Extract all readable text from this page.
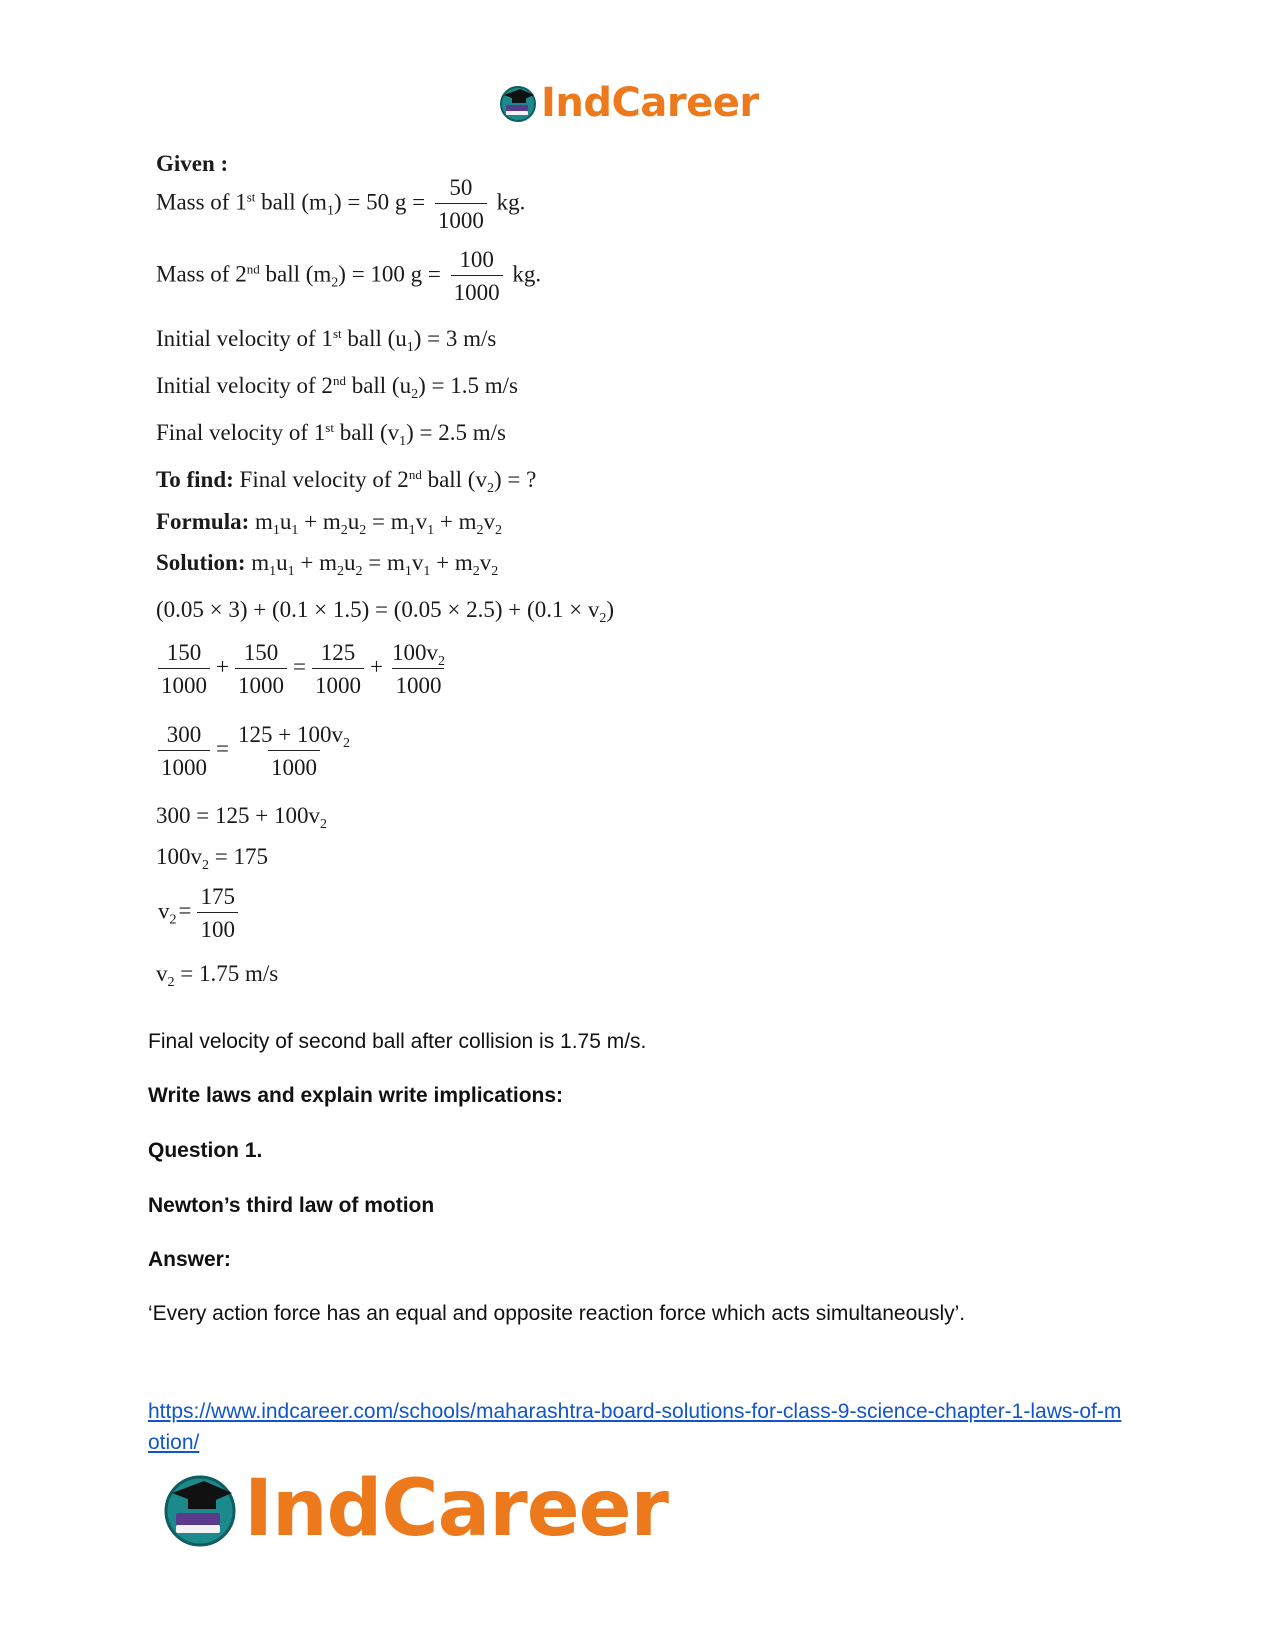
IndCareer
Given :
Mass of 1st ball $(m_1) = 50$ $g = \frac{50}{1000}$ kg.
Mass of 2nd ball $(m_2) = 100$ $g = \frac{100}{1000}$ kg.
Initial velocity of 1st ball $(u_1) = 3$ m/s
Initial velocity of 2nd ball $(u_2) = 1.5$ m/s
Final velocity of 1st ball $(v_1) = 2.5$ m/s
To find: Final velocity of 2nd ball $(v_2)$ = ?
Formula: $m_1u_1 + m_2u_2 = m_1v_1 + m_2v_2$
Solution: $m_1u_1 + m_2u_2 = m_1v_1 + m_2v_2$
$(0.05 \times 3) + (0.1 \times 1.5) = (0.05 \times 2.5) + (0.1 \times v_2)$
$\frac{150}{1000} + \frac{150}{1000} = \frac{125}{1000} + \frac{100v_2}{1000}$
$\frac{300}{1000} = \frac{125 + 100v_2}{1000}$
$300 = 125 + 100v_2$
$100v_2 = 175$
$v_2= \frac{175}{100}$
$v_2 = 1.75$ m/s
Final velocity of second ball after collision is 1.75 m/s.
Write laws and explain write implications:
Question 1.
Newton’s third law of motion
Answer:
‘Every action force has an equal and opposite reaction force which acts simultaneously’.
https://www.indcareer.com/schools/maharashtra-board-solutions-for-class-9-science-chapter-1-laws-of-motion/
IndCareer
